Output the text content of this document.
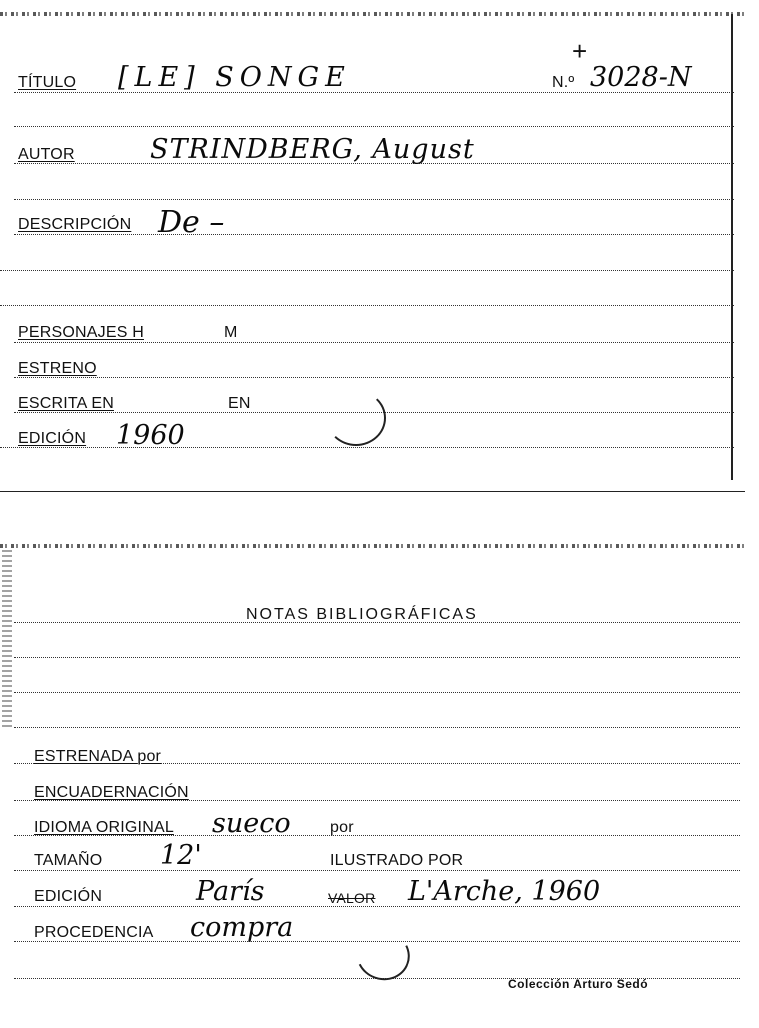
TÍTULO [LE] SONGE
+
N.º 3028-N
AUTOR	STRINDBERG, August
DESCRIPCIÓN De –
PERSONAJES H	M
ESTRENO
ESCRITA EN	EN
EDICIÓN 1960
NOTAS BIBLIOGRÁFICAS
ESTRENADA por
ENCUADERNACIÓN
IDIOMA ORIGINAL sueco por
TAMAÑO 12'	ILUSTRADO POR
EDICIÓN	París	VALOR L'Arche, 1960
PROCEDENCIA compra
Colección Arturo Sedó
